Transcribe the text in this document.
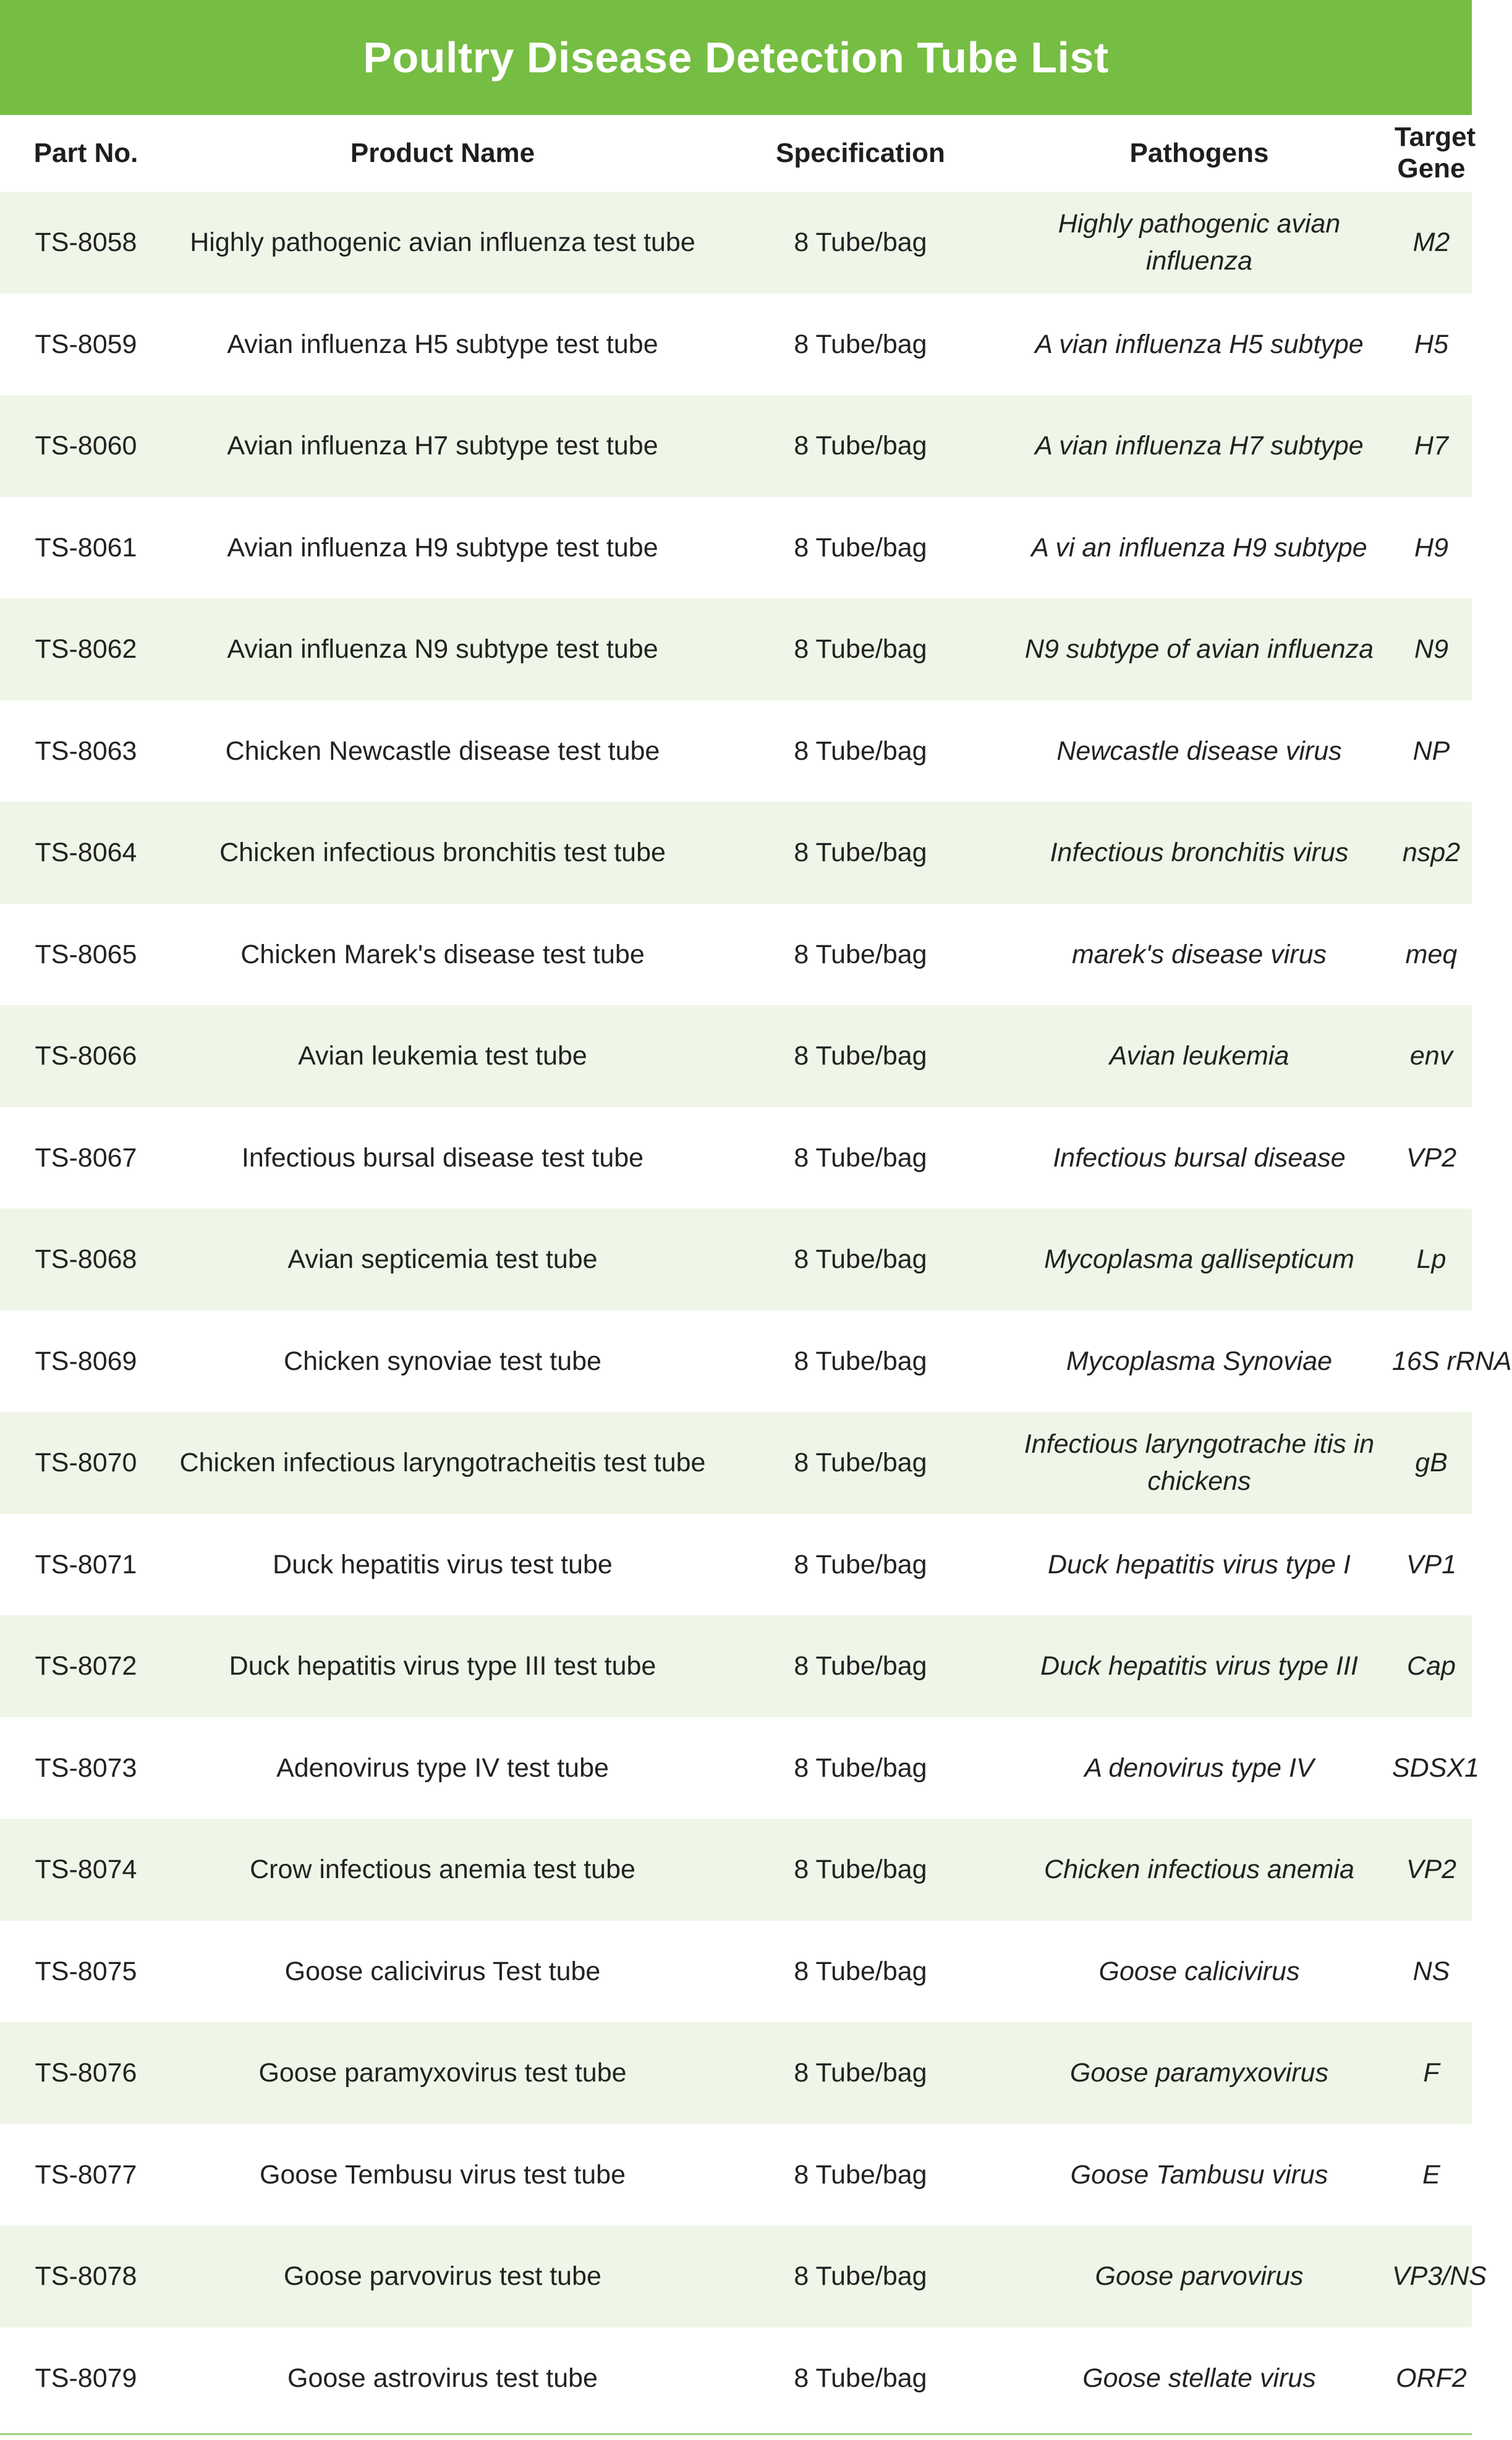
Poultry Disease Detection Tube List
Part No.	Product Name	Specification	Pathogens	Target Gene
TS-8058	Highly pathogenic avian influenza test tube	8 Tube/bag	Highly pathogenic avian influenza	M2
TS-8059	Avian influenza H5 subtype test tube	8 Tube/bag	A vian influenza H5 subtype	H5
TS-8060	Avian influenza H7 subtype test tube	8 Tube/bag	A vian influenza H7 subtype	H7
TS-8061	Avian influenza H9 subtype test tube	8 Tube/bag	A vi an influenza H9 subtype	H9
TS-8062	Avian influenza N9 subtype test tube	8 Tube/bag	N9 subtype of avian influenza	N9
TS-8063	Chicken Newcastle disease test tube	8 Tube/bag	Newcastle disease virus	NP
TS-8064	Chicken infectious bronchitis test tube	8 Tube/bag	Infectious bronchitis virus	nsp2
TS-8065	Chicken Marek's disease test tube	8 Tube/bag	marek's disease virus	meq
TS-8066	Avian leukemia test tube	8 Tube/bag	Avian leukemia	env
TS-8067	Infectious bursal disease test tube	8 Tube/bag	Infectious bursal disease	VP2
TS-8068	Avian septicemia test tube	8 Tube/bag	Mycoplasma gallisepticum	Lp
TS-8069	Chicken synoviae test tube	8 Tube/bag	Mycoplasma Synoviae	16S rRNA
TS-8070	Chicken infectious laryngotracheitis test tube	8 Tube/bag	Infectious laryngotrache itis in chickens	gB
TS-8071	Duck hepatitis virus test tube	8 Tube/bag	Duck hepatitis virus type I	VP1
TS-8072	Duck hepatitis virus type III test tube	8 Tube/bag	Duck hepatitis virus type III	Cap
TS-8073	Adenovirus type IV test tube	8 Tube/bag	A denovirus type IV	SDSX1
TS-8074	Crow infectious anemia test tube	8 Tube/bag	Chicken infectious anemia	VP2
TS-8075	Goose calicivirus Test tube	8 Tube/bag	Goose calicivirus	NS
TS-8076	Goose paramyxovirus test tube	8 Tube/bag	Goose paramyxovirus	F
TS-8077	Goose Tembusu virus test tube	8 Tube/bag	Goose Tambusu virus	E
TS-8078	Goose parvovirus test tube	8 Tube/bag	Goose parvovirus	VP3/NS
TS-8079	Goose astrovirus test tube	8 Tube/bag	Goose stellate virus	ORF2
